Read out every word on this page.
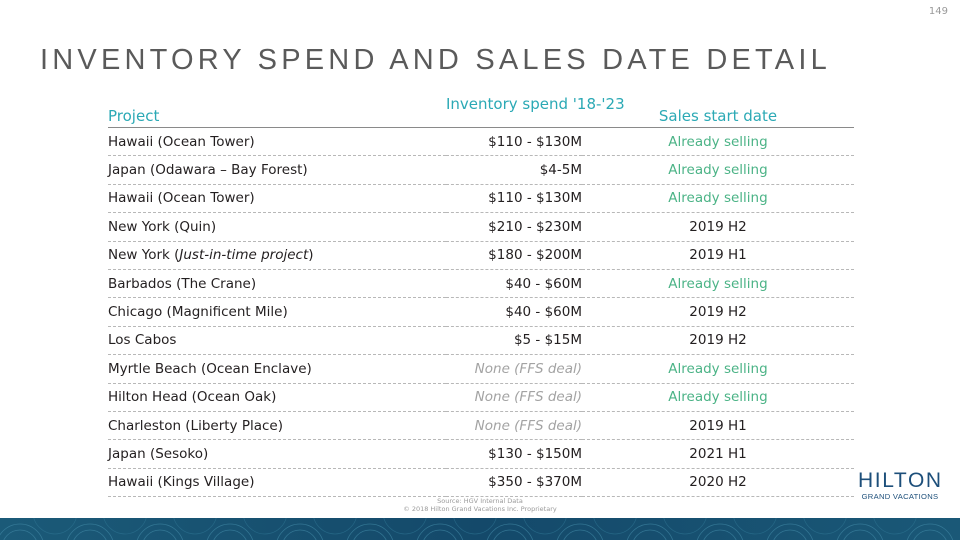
149
INVENTORY SPEND AND SALES DATE DETAIL
Project	Inventory spend '18-'23	Sales start date
Hawaii (Ocean Tower)	$110 - $130M	Already selling
Japan (Odawara – Bay Forest)	$4-5M	Already selling
Hawaii (Ocean Tower)	$110 - $130M	Already selling
New York (Quin)	$210 - $230M	2019 H2
New York (Just-in-time project)	$180 - $200M	2019 H1
Barbados (The Crane)	$40 - $60M	Already selling
Chicago (Magnificent Mile)	$40 - $60M	2019 H2
Los Cabos	$5 - $15M	2019 H2
Myrtle Beach (Ocean Enclave)	None (FFS deal)	Already selling
Hilton Head (Ocean Oak)	None (FFS deal)	Already selling
Charleston (Liberty Place)	None (FFS deal)	2019 H1
Japan (Sesoko)	$130 - $150M	2021 H1
Hawaii (Kings Village)	$350 - $370M	2020 H2	HILTON
GRAND VACATIONS
Source: HGV Internal Data
© 2018 Hilton Grand Vacations Inc. Proprietary
